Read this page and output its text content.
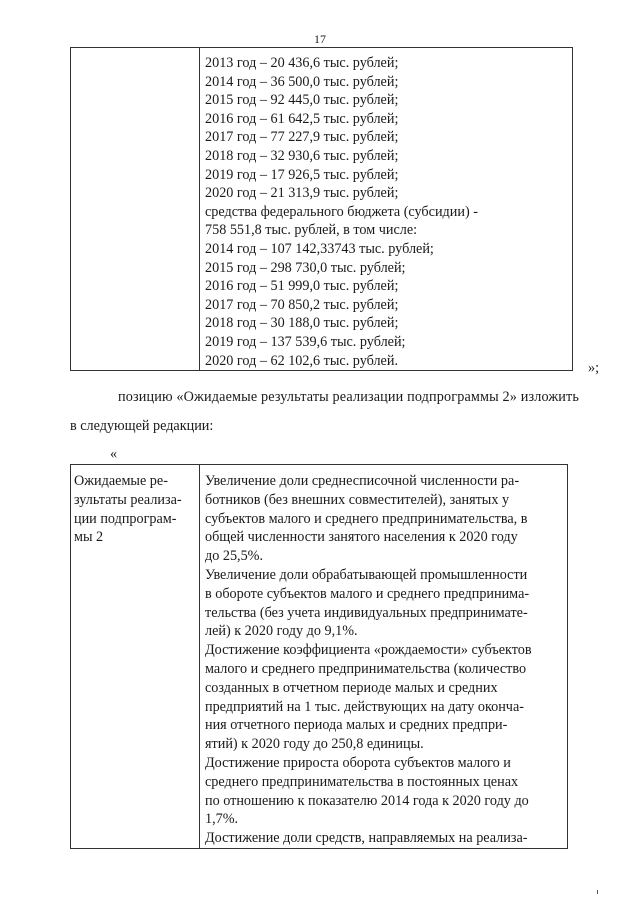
17

2013 год – 20 436,6 тыс. рублей;
2014 год – 36 500,0 тыс. рублей;
2015 год – 92 445,0 тыс. рублей;
2016 год – 61 642,5 тыс. рублей;
2017 год – 77 227,9 тыс. рублей;
2018 год – 32 930,6 тыс. рублей;
2019 год – 17 926,5 тыс. рублей;
2020 год – 21 313,9 тыс. рублей;
средства федерального бюджета (субсидии) -
758 551,8 тыс. рублей, в том числе:
2014 год – 107 142,33743 тыс. рублей;
2015 год – 298 730,0 тыс. рублей;
2016 год – 51 999,0 тыс. рублей;
2017 год – 70 850,2 тыс. рублей;
2018 год – 30 188,0 тыс. рублей;
2019 год – 137 539,6 тыс. рублей;
2020 год – 62 102,6 тыс. рублей.	»;
позицию «Ожидаемые результаты реализации подпрограммы 2» изложить
в следующей редакции:
«
Ожидаемые ре-
зультаты реализа-
ции подпрограм-
мы 2

Увеличение доли среднесписочной численности ра-
ботников (без внешних совместителей), занятых у
субъектов малого и среднего предпринимательства, в
общей численности занятого населения к 2020 году
до 25,5%.
Увеличение доли обрабатывающей промышленности
в обороте субъектов малого и среднего предпринима-
тельства (без учета индивидуальных предпринимате-
лей) к 2020 году до 9,1%.
Достижение коэффициента «рождаемости» субъектов
малого и среднего предпринимательства (количество
созданных в отчетном периоде малых и средних
предприятий на 1 тыс. действующих на дату оконча-
ния отчетного периода малых и средних предпри-
ятий) к 2020 году до 250,8 единицы.
Достижение прироста оборота субъектов малого и
среднего предпринимательства в постоянных ценах
по отношению к показателю 2014 года к 2020 году до
1,7%.
Достижение доли средств, направляемых на реализа-
